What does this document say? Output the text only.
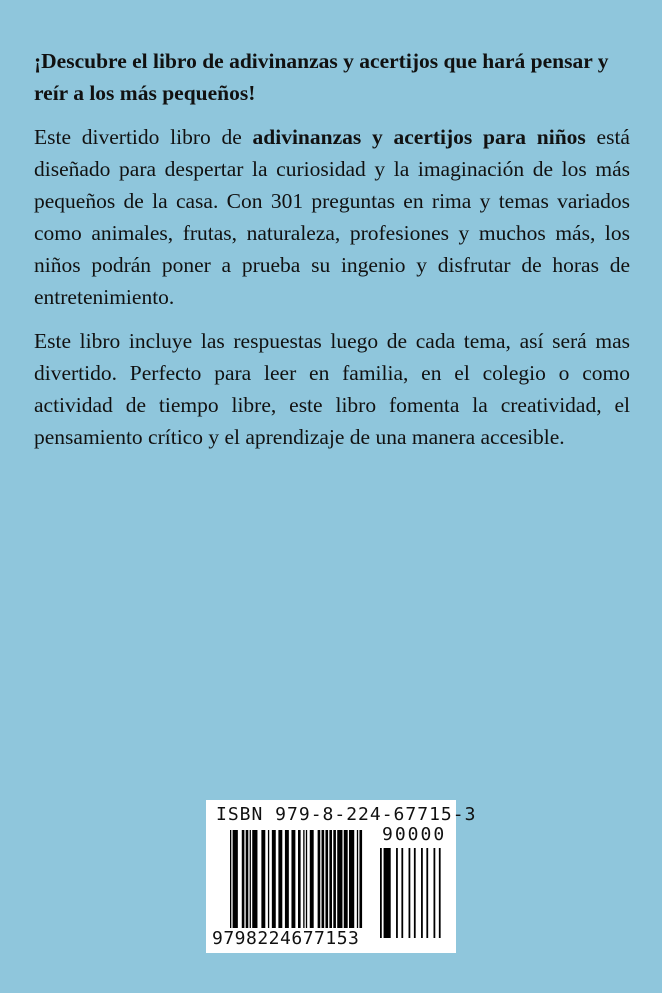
¡Descubre el libro de adivinanzas y acertijos que hará pensar y reír a los más pequeños!

Este divertido libro de adivinanzas y acertijos para niños está diseñado para despertar la curiosidad y la imaginación de los más pequeños de la casa. Con 301 preguntas en rima y temas variados como animales, frutas, naturaleza, profesiones y muchos más, los niños podrán poner a prueba su ingenio y disfrutar de horas de entretenimiento.

Este libro incluye las respuestas luego de cada tema, así será mas divertido. Perfecto para leer en familia, en el colegio o como actividad de tiempo libre, este libro fomenta la creatividad, el pensamiento crítico y el aprendizaje de una manera accesible.

ISBN 979-8-224-67715-3
90000
9798224677153
